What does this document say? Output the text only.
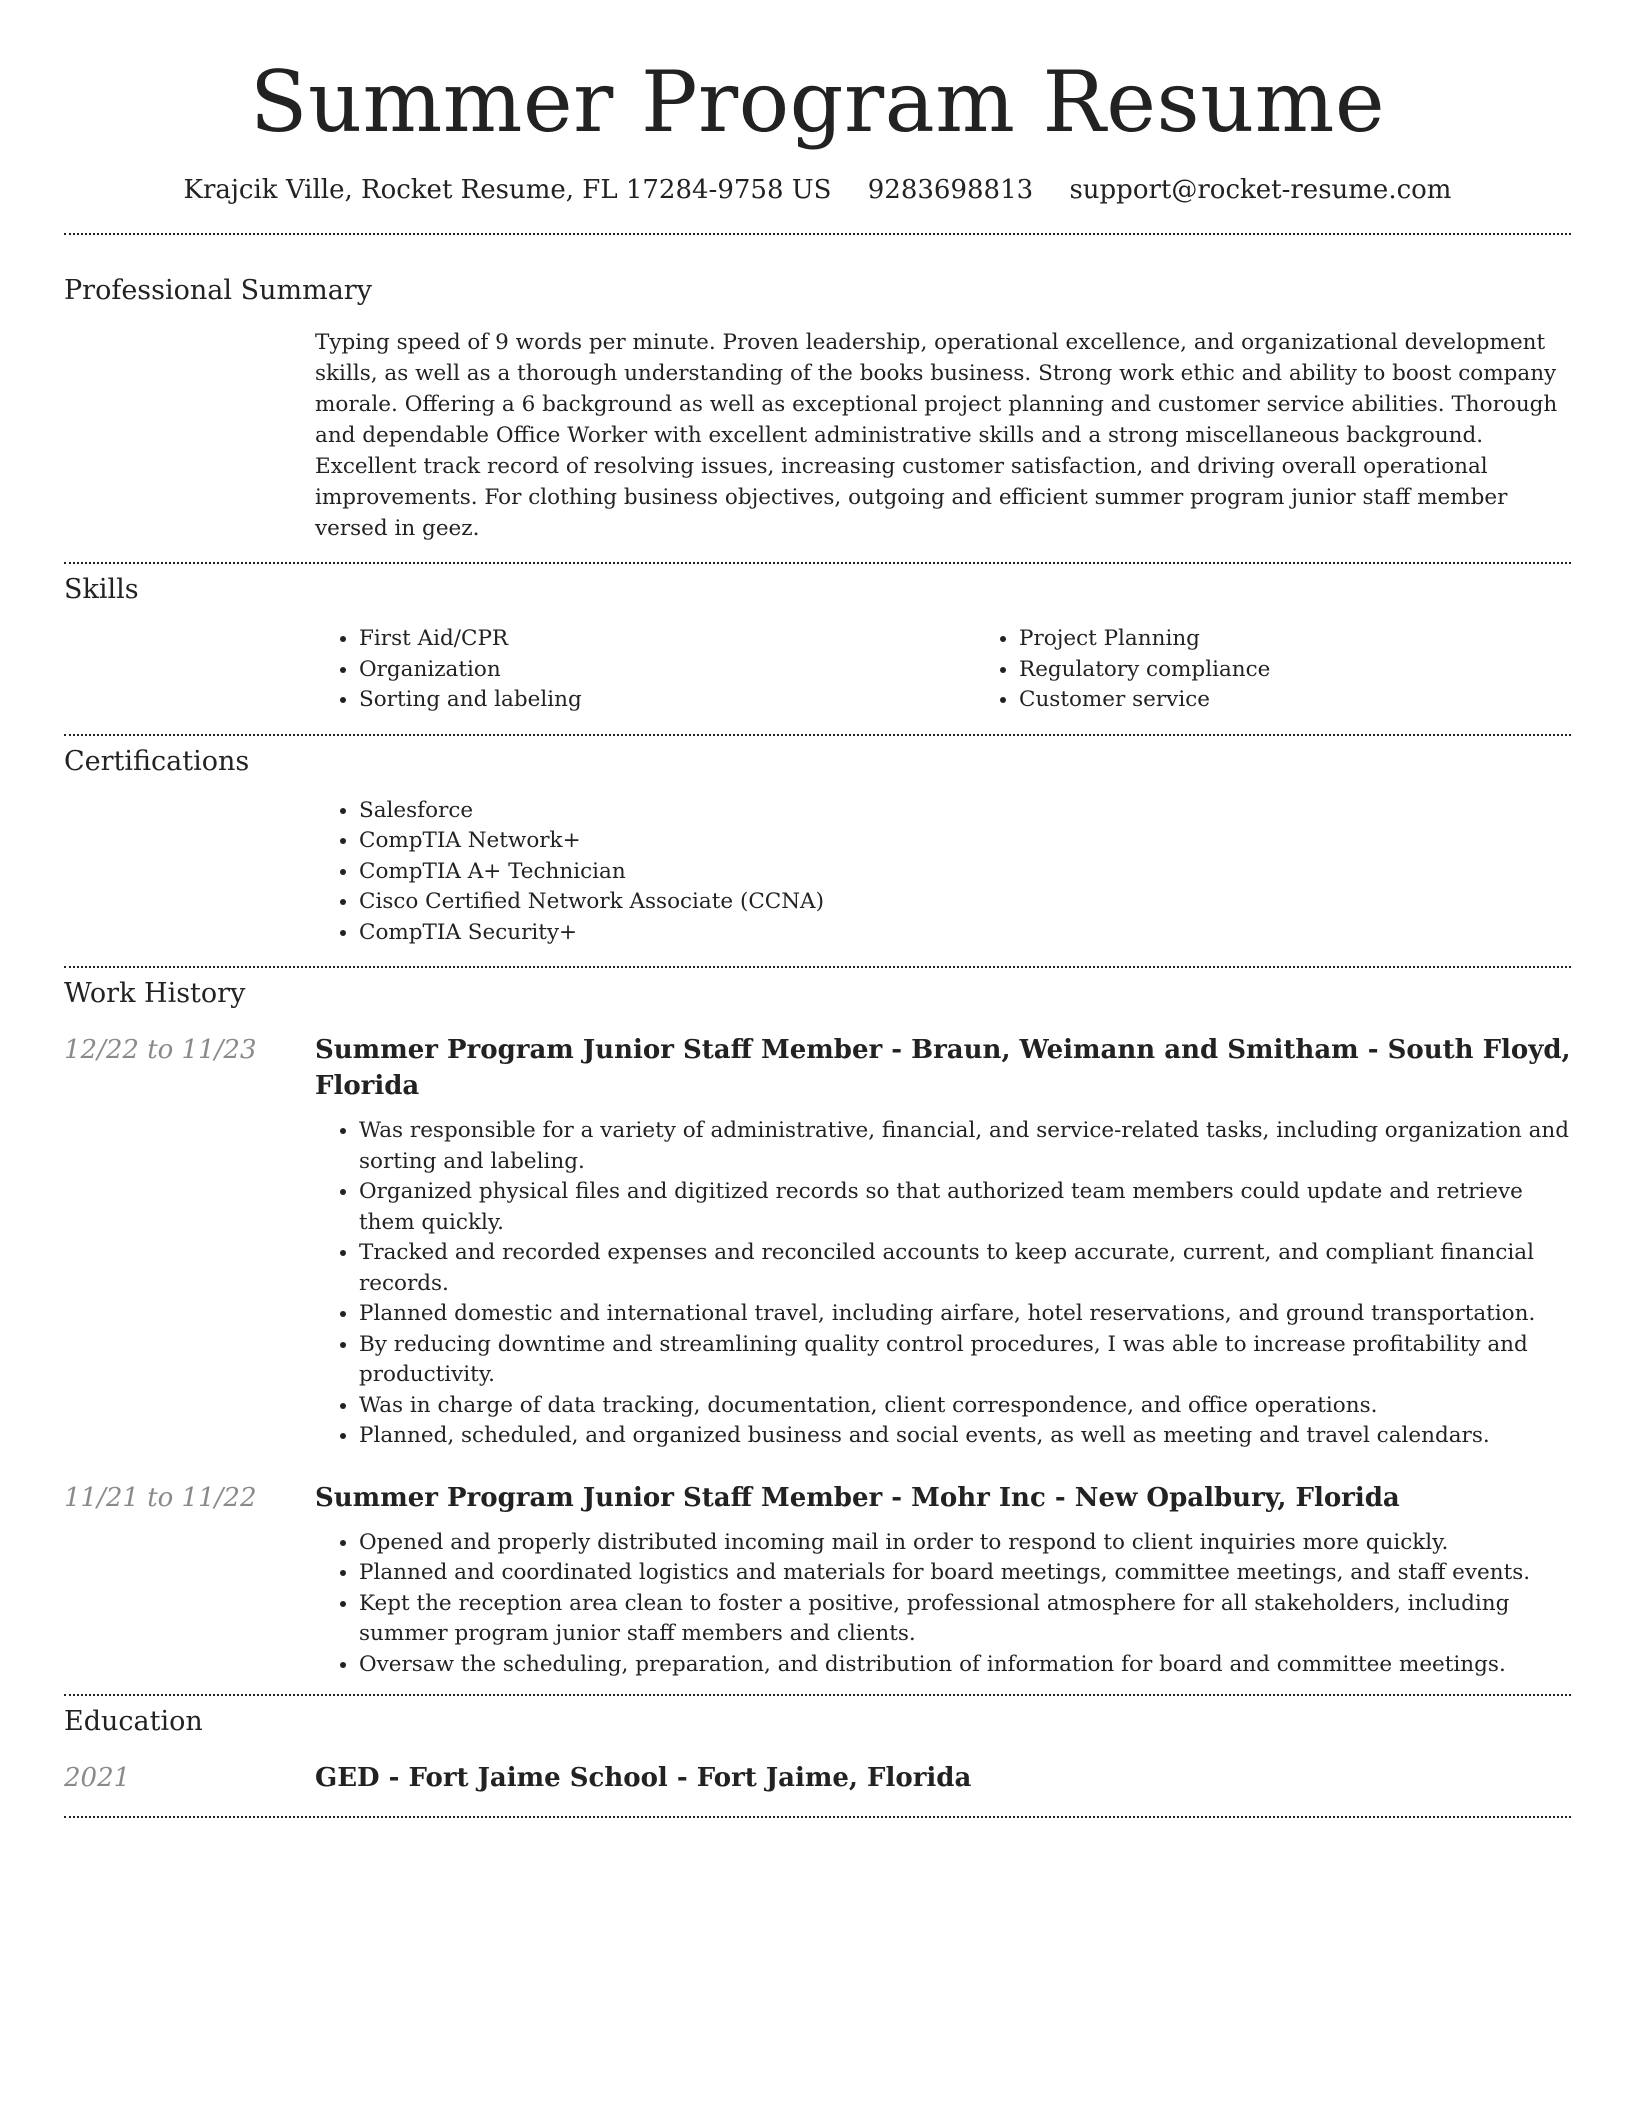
Summer Program Resume
Krajcik Ville, Rocket Resume, FL 17284-9758 US 9283698813 support@rocket-resume.com
Professional Summary

Typing speed of 9 words per minute. Proven leadership, operational excellence, and organizational development skills, as well as a thorough understanding of the books business. Strong work ethic and ability to boost company morale. Offering a 6 background as well as exceptional project planning and customer service abilities. Thorough and dependable Office Worker with excellent administrative skills and a strong miscellaneous background. Excellent track record of resolving issues, increasing customer satisfaction, and driving overall operational improvements. For clothing business objectives, outgoing and efficient summer program junior staff member versed in geez.

Skills
• First Aid/CPR
• Organization
• Sorting and labeling
• Project Planning
• Regulatory compliance
• Customer service
Certifications
• Salesforce
• CompTIA Network+
• CompTIA A+ Technician
• Cisco Certified Network Associate (CCNA)
• CompTIA Security+
Work History
12/22 to 11/23	Summer Program Junior Staff Member - Braun, Weimann and Smitham - South Floyd, Florida
• Was responsible for a variety of administrative, financial, and service-related tasks, including organization and sorting and labeling.
• Organized physical files and digitized records so that authorized team members could update and retrieve them quickly.
• Tracked and recorded expenses and reconciled accounts to keep accurate, current, and compliant financial records.
• Planned domestic and international travel, including airfare, hotel reservations, and ground transportation.
• By reducing downtime and streamlining quality control procedures, I was able to increase profitability and productivity.
• Was in charge of data tracking, documentation, client correspondence, and office operations.
• Planned, scheduled, and organized business and social events, as well as meeting and travel calendars.
11/21 to 11/22	Summer Program Junior Staff Member - Mohr Inc - New Opalbury, Florida
• Opened and properly distributed incoming mail in order to respond to client inquiries more quickly.
• Planned and coordinated logistics and materials for board meetings, committee meetings, and staff events.
• Kept the reception area clean to foster a positive, professional atmosphere for all stakeholders, including summer program junior staff members and clients.
• Oversaw the scheduling, preparation, and distribution of information for board and committee meetings.
Education
2021	GED - Fort Jaime School - Fort Jaime, Florida
